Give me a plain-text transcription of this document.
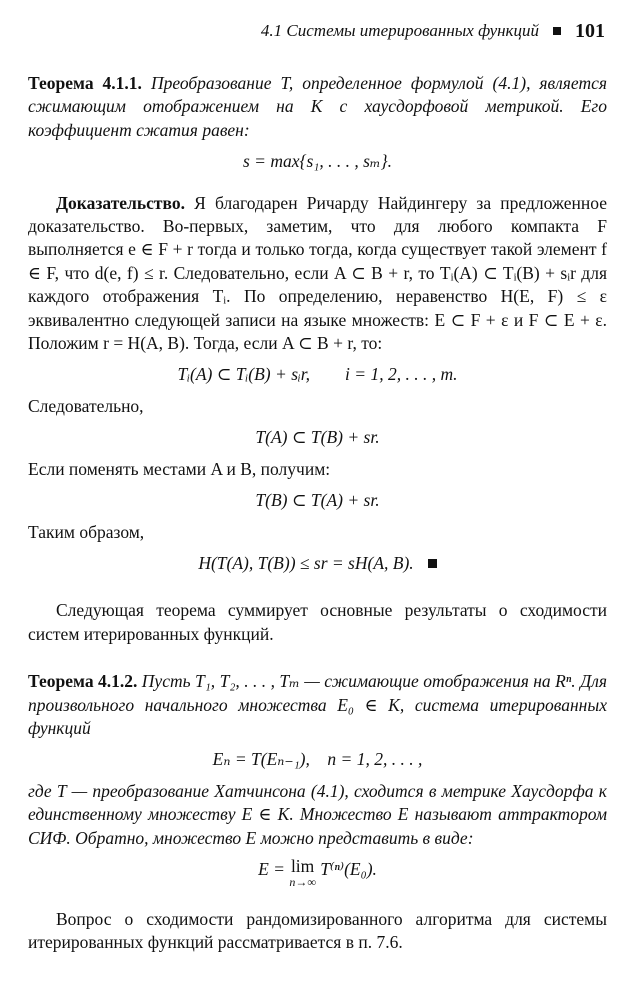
4.1 Системы итерированных функций 101

Теорема 4.1.1. Преобразование T, определенное формулой (4.1), является сжимающим отображением на K с хаусдорфовой метрикой. Его коэффициент сжатия равен:

s = max{s₁, . . . , sₘ}.

Доказательство. Я благодарен Ричарду Найдингеру за предложенное доказательство. Во-первых, заметим, что для любого компакта F выполняется e ∈ F + r тогда и только тогда, когда существует такой элемент f ∈ F, что d(e, f) ≤ r. Следовательно, если A ⊂ B + r, то Tᵢ(A) ⊂ Tᵢ(B) + sᵢr для каждого отображения Tᵢ. По определению, неравенство H(E, F) ≤ ε эквивалентно следующей записи на языке множеств: E ⊂ F + ε и F ⊂ E + ε. Положим r = H(A, B). Тогда, если A ⊂ B + r, то:

Tᵢ(A) ⊂ Tᵢ(B) + sᵢr,        i = 1, 2, . . . , m.

Следовательно,

T(A) ⊂ T(B) + sr.

Если поменять местами A и B, получим:

T(B) ⊂ T(A) + sr.

Таким образом,

H(T(A), T(B)) ≤ sr = sH(A, B).

Следующая теорема суммирует основные результаты о сходимости систем итерированных функций.

Теорема 4.1.2. Пусть T₁, T₂, . . . , Tₘ — сжимающие отображения на Rⁿ. Для произвольного начального множества E₀ ∈ K, система итерированных функций

Eₙ = T(Eₙ₋₁),    n = 1, 2, . . . ,

где T — преобразование Хатчинсона (4.1), сходится в метрике Хаусдорфа к единственному множеству E ∈ K. Множество E называют аттрактором СИФ. Обратно, множество E можно представить в виде:

E = lim
n→∞
T⁽ⁿ⁾(E₀).

Вопрос о сходимости рандомизированного алгоритма для системы итерированных функций рассматривается в п. 7.6.
